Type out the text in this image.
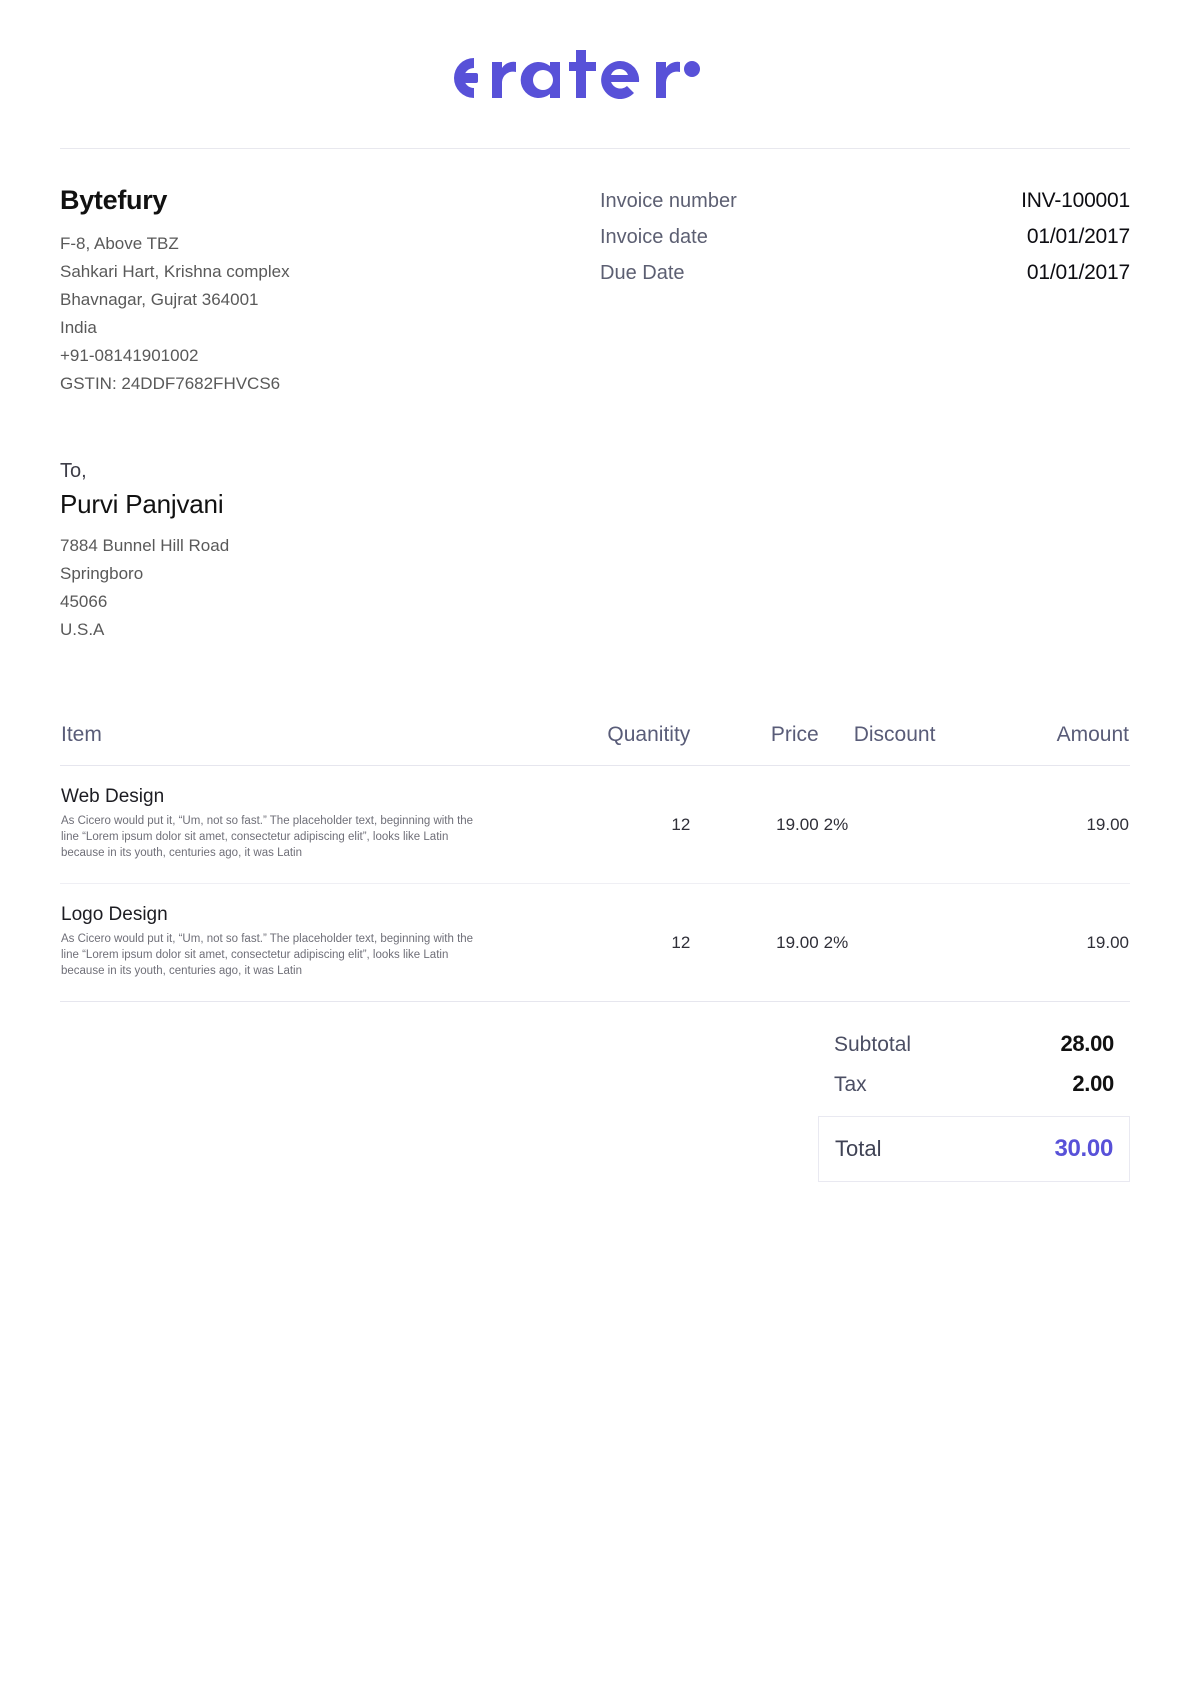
Bytefury
F-8, Above TBZ
Sahkari Hart, Krishna complex
Bhavnagar, Gujrat 364001
India
+91-08141901002
GSTIN: 24DDF7682FHVCS6
Invoice number	INV-100001
Invoice date	01/01/2017
Due Date	01/01/2017
To,
Purvi Panjvani
7884 Bunnel Hill Road
Springboro
45066
U.S.A
Item	Quanitity	Price	Discount	Amount

Web Design
As Cicero would put it, “Um, not so fast.” The placeholder text, beginning with the line “Lorem ipsum dolor sit amet, consectetur adipiscing elit”, looks like Latin because in its youth, centuries ago, it was Latin	12	19.00	2%	19.00

Logo Design
As Cicero would put it, “Um, not so fast.” The placeholder text, beginning with the line “Lorem ipsum dolor sit amet, consectetur adipiscing elit”, looks like Latin because in its youth, centuries ago, it was Latin	12	19.00	2%	19.00
Subtotal	28.00
Tax	2.00
Total	30.00
